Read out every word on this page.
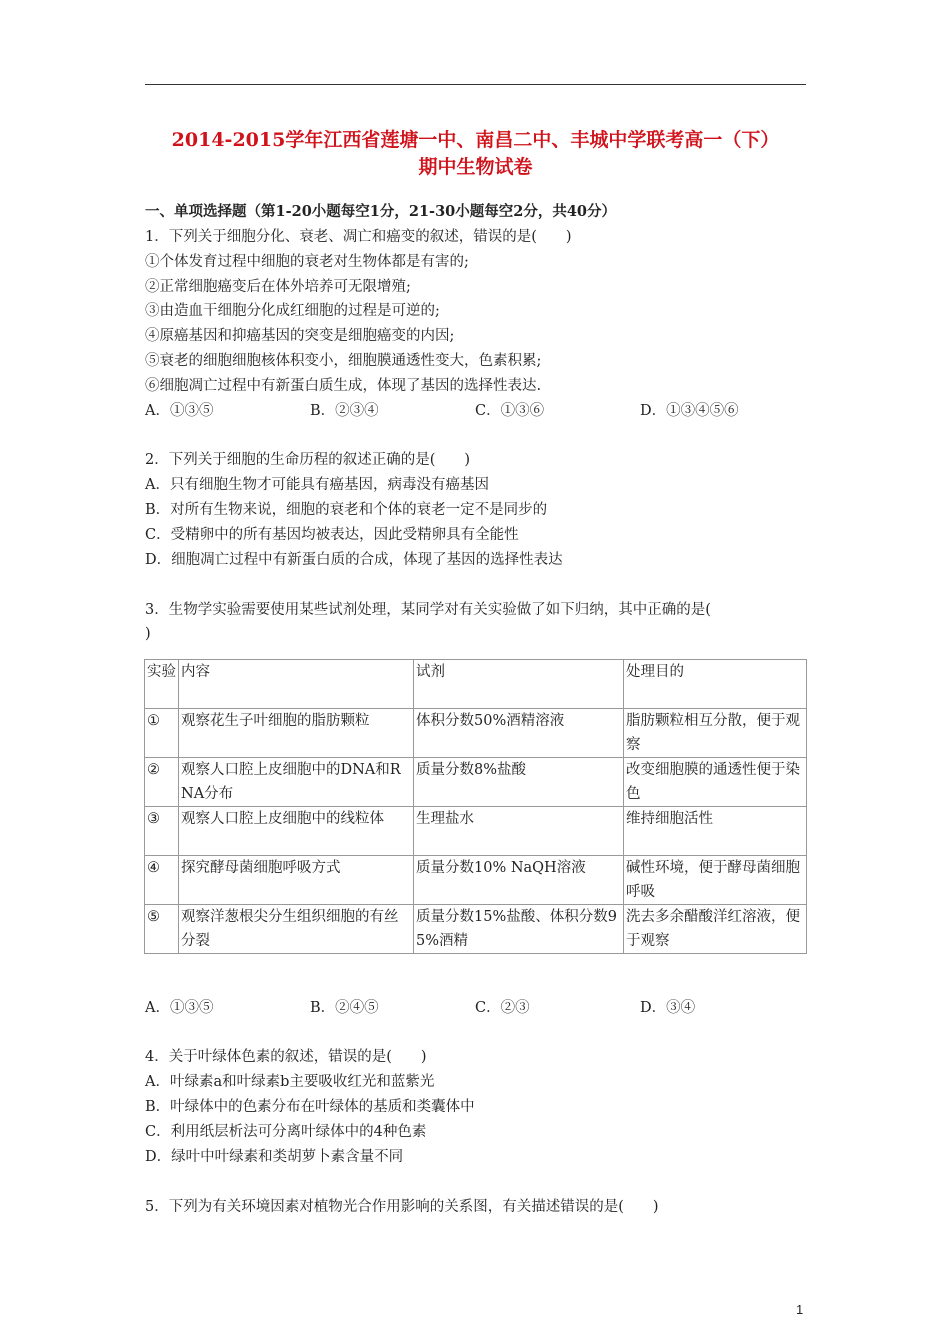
2014-2015学年江西省莲塘一中、南昌二中、丰城中学联考高一（下）
期中生物试卷
一、单项选择题（第1-20小题每空1分，21-30小题每空2分，共40分）
1．下列关于细胞分化、衰老、凋亡和癌变的叙述，错误的是(　　)
①个体发育过程中细胞的衰老对生物体都是有害的;
②正常细胞癌变后在体外培养可无限增殖;
③由造血干细胞分化成红细胞的过程是可逆的;
④原癌基因和抑癌基因的突变是细胞癌变的内因;
⑤衰老的细胞细胞核体积变小，细胞膜通透性变大，色素积累;
⑥细胞凋亡过程中有新蛋白质生成，体现了基因的选择性表达.
A．①③⑤	B．②③④	C．①③⑥	D．①③④⑤⑥
2．下列关于细胞的生命历程的叙述正确的是(　　)
A．只有细胞生物才可能具有癌基因，病毒没有癌基因
B．对所有生物来说，细胞的衰老和个体的衰老一定不是同步的
C．受精卵中的所有基因均被表达，因此受精卵具有全能性
D．细胞凋亡过程中有新蛋白质的合成，体现了基因的选择性表达
3．生物学实验需要使用某些试剂处理，某同学对有关实验做了如下归纳，其中正确的是(
)
实验	内容	试剂	处理目的
①	观察花生子叶细胞的脂肪颗粒	体积分数50%酒精溶液	脂肪颗粒相互分散，便于观察
②	观察人口腔上皮细胞中的DNA和RNA分布	质量分数8%盐酸	改变细胞膜的通透性便于染色
③	观察人口腔上皮细胞中的线粒体	生理盐水	维持细胞活性
④	探究酵母菌细胞呼吸方式	质量分数10% NaQH溶液	碱性环境，便于酵母菌细胞呼吸
⑤	观察洋葱根尖分生组织细胞的有丝分裂	质量分数15%盐酸、体积分数95%酒精	洗去多余醋酸洋红溶液，便于观察
A．①③⑤	B．②④⑤	C．②③	D．③④
4．关于叶绿体色素的叙述，错误的是(　　)
A．叶绿素a和叶绿素b主要吸收红光和蓝紫光
B．叶绿体中的色素分布在叶绿体的基质和类囊体中
C．利用纸层析法可分离叶绿体中的4种色素
D．绿叶中叶绿素和类胡萝卜素含量不同
5．下列为有关环境因素对植物光合作用影响的关系图，有关描述错误的是(　　)
1
